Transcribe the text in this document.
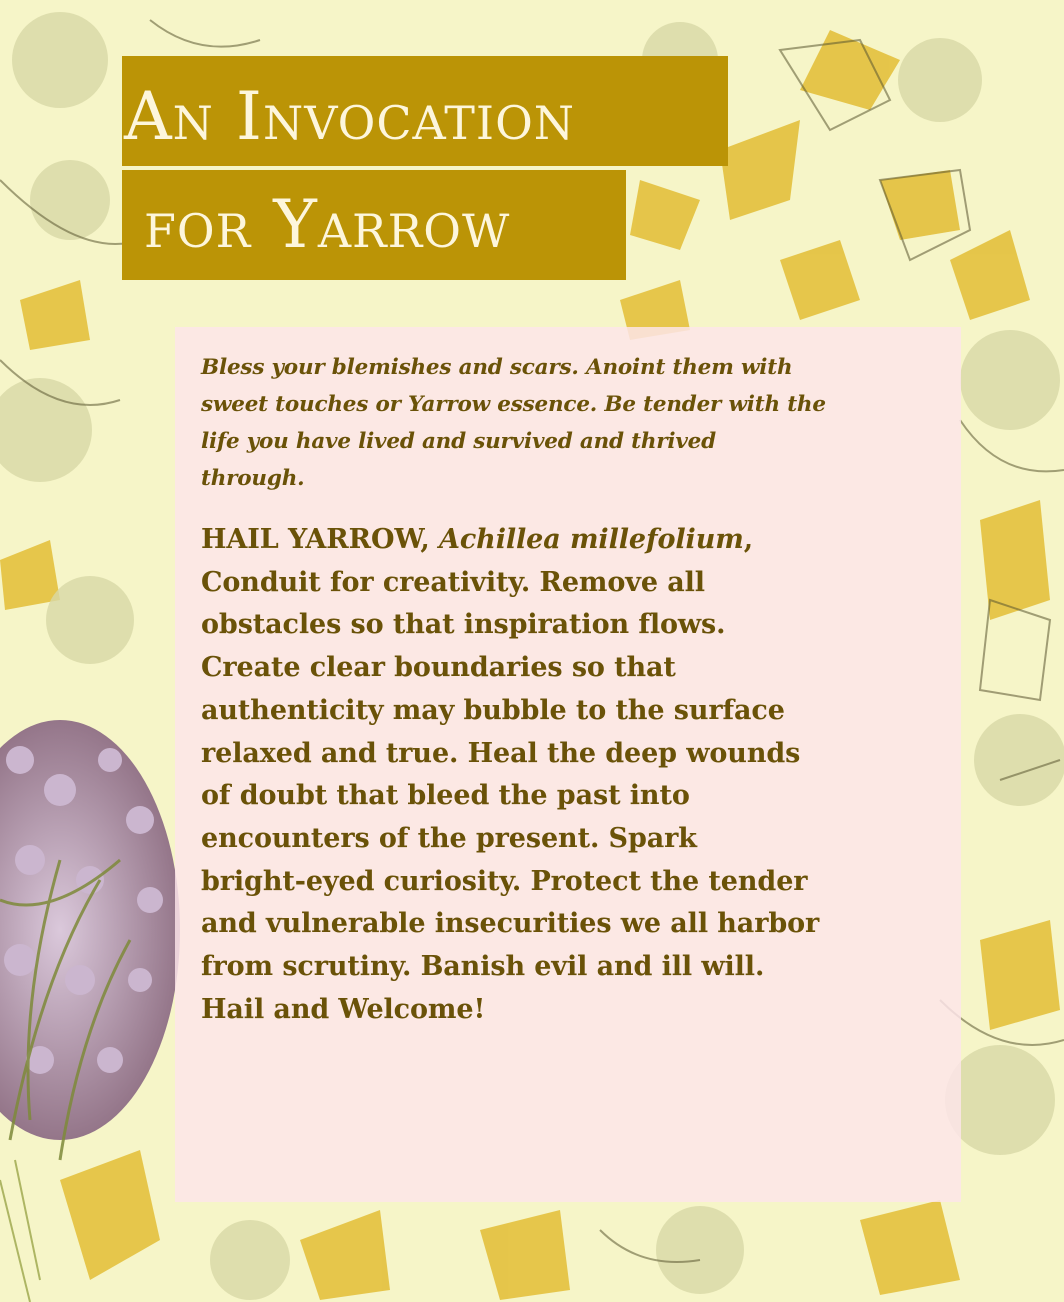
An Invocation
for Yarrow

Bless your blemishes and scars. Anoint them with
sweet touches or Yarrow essence. Be tender with the
life you have lived and survived and thrived
through.

HAIL YARROW, Achillea millefolium,
Conduit for creativity. Remove all
obstacles so that inspiration flows.
Create clear boundaries so that
authenticity may bubble to the surface
relaxed and true. Heal the deep wounds
of doubt that bleed the past into
encounters of the present. Spark
bright-eyed curiosity. Protect the tender
and vulnerable insecurities we all harbor
from scrutiny. Banish evil and ill will.
Hail and Welcome!
